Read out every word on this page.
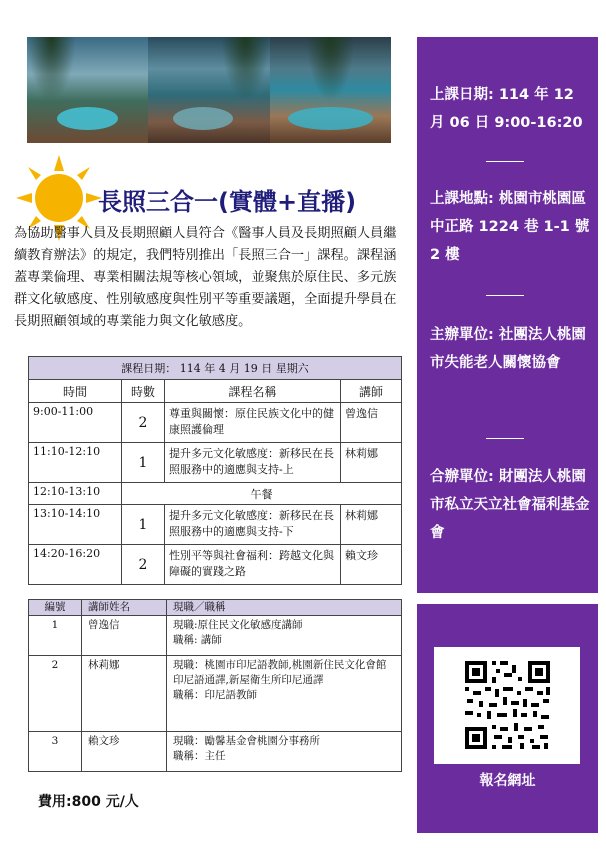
長照三合一(實體+直播)
為協助醫事人員及長期照顧人員符合《醫事人員及長期照顧人員繼續教育辦法》的規定，我們特別推出「長照三合一」課程。課程涵蓋專業倫理、專業相關法規等核心領域，並聚焦於原住民、多元族群文化敏感度、性別敏感度與性別平等重要議題，全面提升學員在長期照顧領域的專業能力與文化敏感度。
課程日期： 114 年 4 月 19 日 星期六			
時間	時數	課程名稱	講師
9:00-11:00	2	尊重與關懷：原住民族文化中的健康照護倫理	曾逸信
11:10-12:10	1	提升多元文化敏感度：新移民在長照服務中的適應與支持-上	林莉娜
12:10-13:10	午餐		
13:10-14:10	1	提升多元文化敏感度：新移民在長照服務中的適應與支持-下	林莉娜
14:20-16:20	2	性別平等與社會福利：跨越文化與障礙的實踐之路	賴文珍
編號	講師姓名	現職／職稱
1	曾逸信	現職:原住民文化敏感度講師
職稱: 講師

2	林莉娜	現職：桃園市印尼語教師,桃園新住民文化會館印尼語通譯,新屋衛生所印尼通譯
職稱：印尼語教師

3	賴文珍	現職：勵馨基金會桃園分事務所
職稱：主任
費用:800 元/人
上課日期: 114 年 12 月 06 日 9:00-16:20
上課地點: 桃園市桃園區中正路 1224 巷 1-1 號 2 樓
主辦單位: 社團法人桃園市失能老人關懷協會
合辦單位: 財團法人桃園市私立天立社會福利基金會
報名網址
